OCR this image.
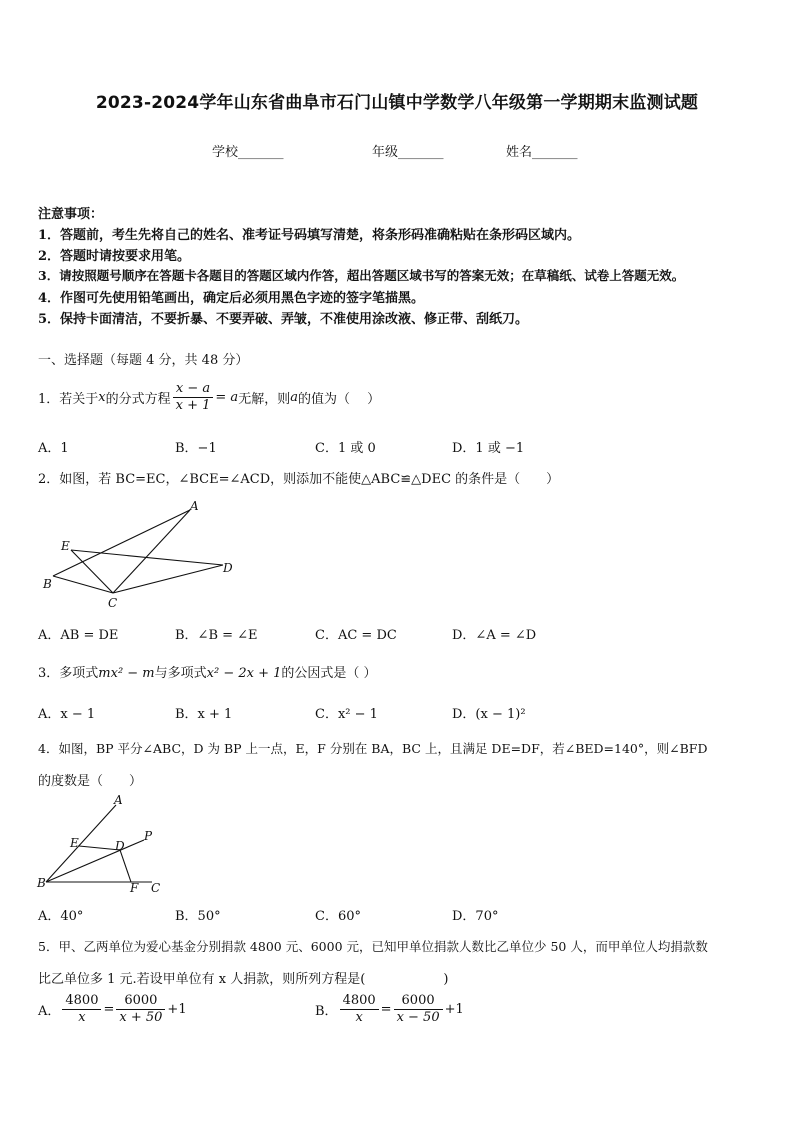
2023-2024学年山东省曲阜市石门山镇中学数学八年级第一学期期末监测试题
学校_______	年级_______	姓名_______
注意事项：
1．答题前，考生先将自己的姓名、准考证号码填写清楚，将条形码准确粘贴在条形码区域内。
2．答题时请按要求用笔。
3．请按照题号顺序在答题卡各题目的答题区域内作答，超出答题区域书写的答案无效；在草稿纸、试卷上答题无效。
4．作图可先使用铅笔画出，确定后必须用黑色字迹的签字笔描黑。
5．保持卡面清洁，不要折暴、不要弄破、弄皱，不准使用涂改液、修正带、刮纸刀。
一、选择题（每题 4 分，共 48 分）
1．若关于 x 的分式方程 $\frac{x - a}{x + 1} = a$ 无解，则 a 的值为（　 ）
A．1	B．−1	C．1 或 0	D．1 或 −1
2．如图，若 BC=EC，∠BCE=∠ACD，则添加不能使△ABC≌△DEC 的条件是（　　）
A
E
B
C
D
A．AB = DE	B．∠B = ∠E	C．AC = DC	D．∠A = ∠D
3．多项式mx² − m与多项式x² − 2x + 1的公因式是（ ）
A．x − 1	B．x + 1	C．x² − 1	D．(x − 1)²
4．如图，BP 平分∠ABC，D 为 BP 上一点，E，F 分别在 BA，BC 上，且满足 DE=DF，若∠BED=140°，则∠BFD
的度数是（　　）
A
P
E	D
B	F C
A．40°	B．50°	C．60°	D．70°
5．甲、乙两单位为爱心基金分别捐款 4800 元、6000 元，已知甲单位捐款人数比乙单位少 50 人，而甲单位人均捐款数
比乙单位多 1 元.若设甲单位有 x 人捐款，则所列方程是(　　　　　　)
A． $\frac{4800}{x} = \frac{6000}{x + 50} +1$	B． $\frac{4800}{x} = \frac{6000}{x - 50} +1$
